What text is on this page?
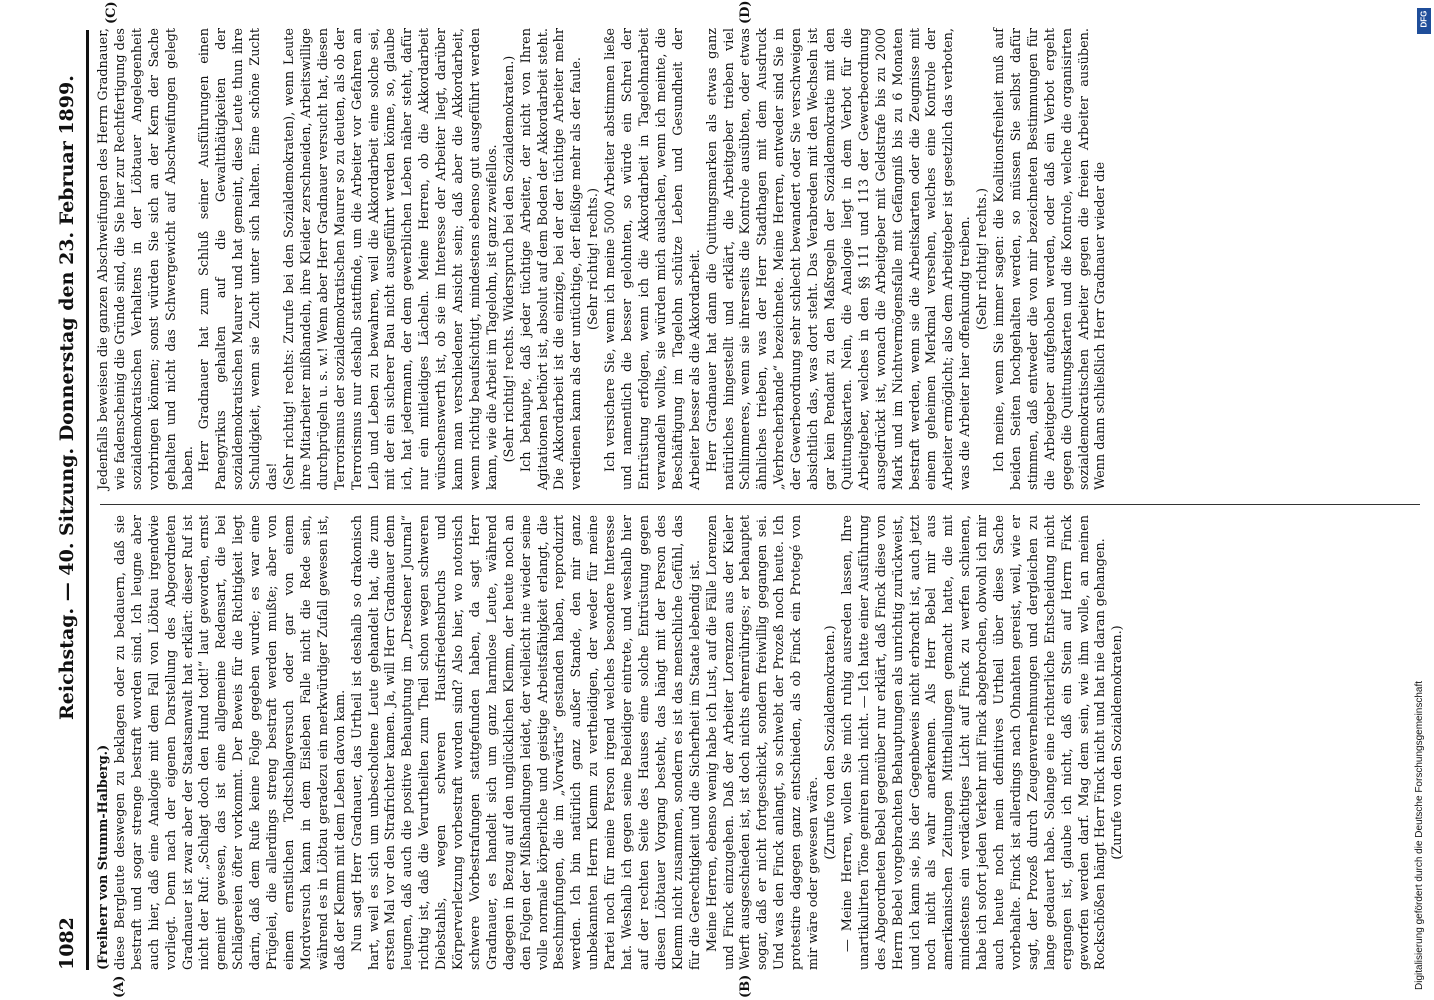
1082
Reichstag. — 40. Sitzung. Donnerstag den 23. Februar 1899.
(A)	(B)
(C)	(D)

(Freiherr von Stumm-Halberg.) diese Bergleute deswegen zu beklagen oder zu bedauern, daß sie bestraft und sogar strenge bestraft worden sind. Ich leugne aber auch hier, daß eine Analogie mit dem Fall von Löbtau irgendwie vorliegt. Denn nach der eigenen Darstellung des Abgeordneten Gradnauer ist zwar aber der Staatsanwalt hat erklärt: dieser Ruf ist nicht der Ruf: „Schlagt doch den Hund todt!“ laut geworden, ernst gemeint gewesen, das ist eine allgemeine Redensart, die bei Schlägereien öfter vorkommt. Der Beweis für die Richtigkeit liegt darin, daß dem Rufe keine Folge gegeben wurde; es war eine Prügelei, die allerdings streng bestraft werden mußte; aber von einem ernstlichen Todtschlagversuch oder gar von einem Mordversuch kann in dem Eisleben Falle nicht die Rede sein, während es in Löbtau geradezu ein merkwürdiger Zufall gewesen ist, daß der Klemm mit dem Leben davon kam. Nun sagt Herr Gradnauer, das Urtheil ist deshalb so drakonisch hart, weil es sich um unbescholtene Leute gehandelt hat, die zum ersten Mal vor den Strafrichter kamen. Ja, will Herr Gradnauer denn leugnen, daß auch die positive Behauptung im „Dresdener Journal“ richtig ist, daß die Verurtheilten zum Theil schon wegen schweren Diebstahls, wegen schweren Hausfriedensbruchs und Körperverletzung vorbestraft worden sind? Also hier, wo notorisch schwere Vorbestrafungen stattgefunden haben, da sagt Herr Gradnauer, es handelt sich um ganz harmlose Leute, während dagegen in Bezug auf den unglücklichen Klemm, der heute noch an den Folgen der Mißhandlungen leidet, der vielleicht nie wieder seine volle normale körperliche und geistige Arbeitsfähigkeit erlangt, die Beschimpfungen, die im „Vorwärts“ gestanden haben, reproduzirt werden. Ich bin natürlich ganz außer Stande, den mir ganz unbekannten Herrn Klemm zu vertheidigen, der weder für meine Partei noch für meine Person irgend welches besondere Interesse hat. Weshalb ich gegen seine Beleidiger eintrete, und weshalb hier auf der rechten Seite des Hauses eine solche Entrüstung gegen diesen Löbtauer Vorgang besteht, das hängt mit der Person des Klemm nicht zusammen, sondern es ist das menschliche Gefühl, das für die Gerechtigkeit und die Sicherheit im Staate lebendig ist. Meine Herren, ebenso wenig habe ich Lust, auf die Fälle Lorenzen und Finck einzugehen. Daß der Arbeiter Lorenzen aus der Kieler Werft ausgeschieden ist, ist doch nichts ehrenrühriges; er behauptet sogar, daß er nicht fortgeschickt, sondern freiwillig gegangen sei. Und was den Finck anlangt, so schwebt der Prozeß noch heute. Ich protestire dagegen ganz entschieden, als ob Finck ein Protegé von mir wäre oder gewesen wäre.

(Zurufe von den Sozialdemokraten.) — Meine Herren, wollen Sie mich ruhig ausreden lassen, Ihre unartikulirten Töne geniren mich nicht. — Ich hatte einer Ausführung des Abgeordneten Bebel gegenüber nur erklärt, daß Finck diese von Herrn Bebel vorgebrachten Behauptungen als unrichtig zurückweist, und ich kann sie, bis der Gegenbeweis nicht erbracht ist, auch jetzt noch nicht als wahr anerkennen. Als Herr Bebel mir aus amerikanischen Zeitungen Mittheilungen gemacht hatte, die mit mindestens ein verdächtiges Licht auf Finck zu werfen schienen, habe ich sofort jeden Verkehr mit Finck abgebrochen, obwohl ich mir auch heute noch mein definitives Urtheil über diese Sache vorbehalte. Finck ist allerdings nach Ohnahten gereist, weil, wie er sagt, der Prozeß durch Zeugenvernehmungen und dergleichen zu lange gedauert habe. Solange eine richterliche Entscheidung nicht ergangen ist, glaube ich nicht, daß ein Stein auf Herrn Finck geworfen werden darf. Mag dem sein, wie ihm wolle, an meinen Rockschößen hängt Herr Finck nicht und hat nie daran gehangen. (Zurufe von den Sozialdemokraten.)

Jedenfalls beweisen die ganzen Abschweifungen des Herrn Gradnauer, wie fadenscheinig die Gründe sind, die Sie hier zur Rechtfertigung des sozialdemokratischen Verhaltens in der Löbtauer Angelegenheit vorbringen können; sonst würden Sie sich an der Kern der Sache gehalten und nicht das Schwergewicht auf Abschweifungen gelegt haben. Herr Gradnauer hat zum Schluß seiner Ausführungen einen Panegyrikus gehalten auf die Gewaltthätigkeiten der sozialdemokratischen Maurer und hat gemeint, diese Leute thun ihre Schuldigkeit, wenn sie Zucht unter sich halten. Eine schöne Zucht das! (Sehr richtig! rechts: Zurufe bei den Sozialdemokraten), wenn Leute ihre Mitarbeiter mißhandeln, ihre Kleider zerschneiden, Arbeitswillige durchprügeln u. s. w.! Wenn aber Herr Gradnauer versucht hat, diesen Terrorismus der sozialdemokratischen Maurer so zu deuten, als ob der Terrorismus nur deshalb stattfinde, um die Arbeiter vor Gefahren an Leib und Leben zu bewahren, weil die Akkordarbeit eine solche sei, mit der ein sicherer Bau nicht ausgeführt werden könne, so, glaube ich, hat jedermann, der dem gewerblichen Leben näher steht, dafür nur ein mitleidiges Lächeln. Meine Herren, ob die Akkordarbeit wünschenswerth ist, ob sie im Interesse der Arbeiter liegt, darüber kann man verschiedener Ansicht sein; daß aber die Akkordarbeit, wenn richtig beaufsichtigt, mindestens ebenso gut ausgeführt werden kann, wie die Arbeit im Tagelohn, ist ganz zweifellos. (Sehr richtig! rechts. Widerspruch bei den Sozialdemokraten.) Ich behaupte, daß jeder tüchtige Arbeiter, der nicht von Ihren Agitationen bethört ist, absolut auf dem Boden der Akkordarbeit steht. Die Akkordarbeit ist die einzige, bei der der tüchtige Arbeiter mehr verdienen kann als der untüchtige, der fleißige mehr als der faule. (Sehr richtig! rechts.) Ich versichere Sie, wenn ich meine 5000 Arbeiter abstimmen ließe und namentlich die besser gelohnten, so würde ein Schrei der Entrüstung erfolgen, wenn ich die Akkordarbeit in Tagelohnarbeit verwandeln wollte, sie würden mich auslachen, wenn ich meinte, die Beschäftigung im Tagelohn schütze Leben und Gesundheit der Arbeiter besser als die Akkordarbeit. Herr Gradnauer hat dann die Quittungsmarken als etwas ganz natürliches hingestellt und erklärt, die Arbeitgeber trieben viel Schlimmeres, wenn sie ihrerseits die Kontrole ausübten, oder etwas ähnliches trieben, was der Herr Stadthagen mit dem Ausdruck „Verbrecherbande“ bezeichnete. Meine Herren, entweder sind Sie in der Gewerbeordnung sehr schlecht bewandert oder Sie verschweigen absichtlich das, was dort steht. Das Verabreden mit den Wechseln ist gar kein Pendant zu den Maßregeln der Sozialdemokratie mit den Quittungskarten. Nein, die Analogie liegt in dem Verbot für die Arbeitgeber, welches in den §§ 111 und 113 der Gewerbeordnung ausgedrückt ist, wonach die Arbeitgeber mit Geldstrafe bis zu 2000 Mark und im Nichtvermögensfalle mit Gefängniß bis zu 6 Monaten bestraft werden, wenn sie die Arbeitskarten oder die Zeugnisse mit einem geheimen Merkmal versehen, welches eine Kontrole der Arbeiter ermöglicht; also dem Arbeitgeber ist gesetzlich das verboten, was die Arbeiter hier offenkundig treiben. (Sehr richtig! rechts.) Ich meine, wenn Sie immer sagen: die Koalitionsfreiheit muß auf beiden Seiten hochgehalten werden, so müssen Sie selbst dafür stimmen, daß entweder die von mir bezeichneten Bestimmungen für die Arbeitgeber aufgehoben werden, oder daß ein Verbot ergeht gegen die Quittungskarten und die Kontrole, welche die organisirten sozialdemokratischen Arbeiter gegen die freien Arbeiter ausüben. Wenn dann schließlich Herr Gradnauer wieder die

DFG
Digitalisierung gefördert durch die Deutsche Forschungsgemeinschaft
